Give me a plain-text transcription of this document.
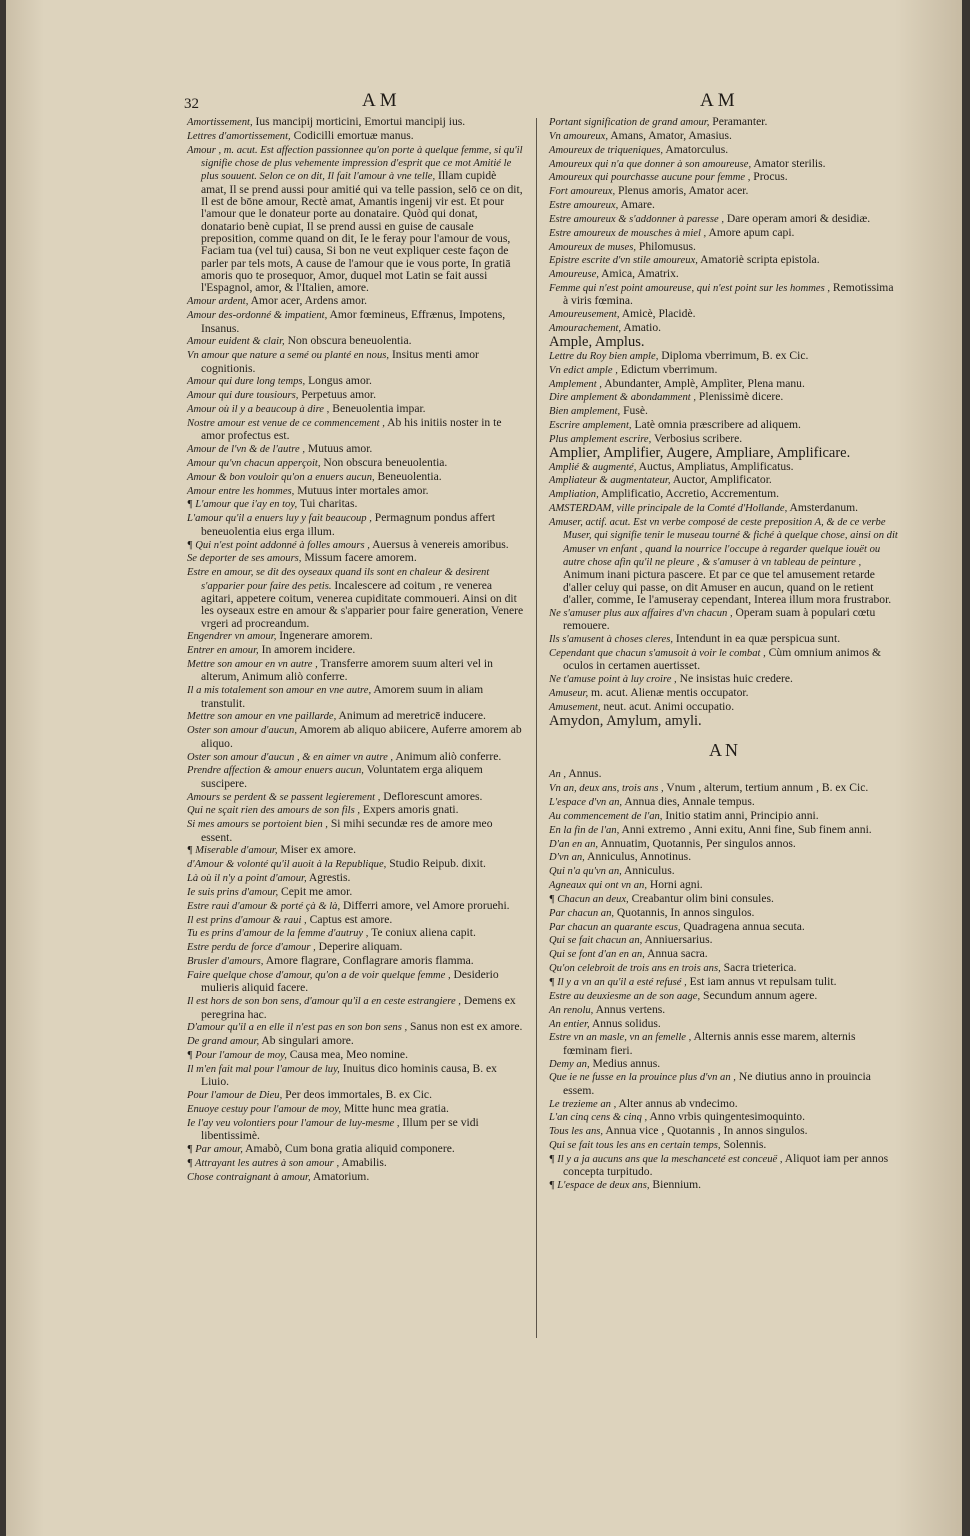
32	AM	AM
Amortissement, Ius mancipij morticini, Emortui mancipij ius.
Lettres d'amortissement, Codicilli emortuæ manus.
Amour , m. acut. Est affection passionnee qu'on porte à quelque femme, si qu'il signifie chose de plus vehemente impression d'esprit que ce mot Amitié le plus souuent. Selon ce on dit, Il fait l'amour à vne telle, Illam cupidè amat, Il se prend aussi pour amitié qui va telle passion, selō ce on dit, Il est de bōne amour, Rectè amat, Amantis ingenij vir est. Et pour l'amour que le donateur porte au donataire. Quòd qui donat, donatario benè cupiat, Il se prend aussi en guise de causale preposition, comme quand on dit, Ie le feray pour l'amour de vous, Faciam tua (vel tui) causa, Si bon ne veut expliquer ceste façon de parler par tels mots, A cause de l'amour que ie vous porte, In gratiā amoris quo te prosequor, Amor, duquel mot Latin se fait aussi l'Espagnol, amor, & l'Italien, amore.
Amour ardent, Amor acer, Ardens amor.
Amour des-ordonné & impatient, Amor fœmineus, Effrænus, Impotens, Insanus.
Amour euident & clair, Non obscura beneuolentia.
Vn amour que nature a semé ou planté en nous, Insitus menti amor cognitionis.
Amour qui dure long temps, Longus amor.
Amour qui dure tousiours, Perpetuus amor.
Amour où il y a beaucoup à dire , Beneuolentia impar.
Nostre amour est venue de ce commencement , Ab his initiis noster in te amor profectus est.
Amour de l'vn & de l'autre , Mutuus amor.
Amour qu'vn chacun apperçoit, Non obscura beneuolentia.
Amour & bon vouloir qu'on a enuers aucun, Beneuolentia.
Amour entre les hommes, Mutuus inter mortales amor.
¶ L'amour que i'ay en toy, Tui charitas.
L'amour qu'il a enuers luy y fait beaucoup , Permagnum pondus affert beneuolentia eius erga illum.
¶ Qui n'est point addonné à folles amours , Auersus à venereis amoribus.
Se deporter de ses amours, Missum facere amorem.
Estre en amour, se dit des oyseaux quand ils sont en chaleur & desirent s'apparier pour faire des petis. Incalescere ad coitum , re venerea agitari, appetere coitum, venerea cupiditate commoueri. Ainsi on dit les oyseaux estre en amour & s'apparier pour faire generation, Venere vrgeri ad procreandum.
Engendrer vn amour, Ingenerare amorem.
Entrer en amour, In amorem incidere.
Mettre son amour en vn autre , Transferre amorem suum alteri vel in alterum, Animum aliò conferre.
Il a mis totalement son amour en vne autre, Amorem suum in aliam transtulit.
Mettre son amour en vne paillarde, Animum ad meretricē inducere.
Oster son amour d'aucun, Amorem ab aliquo abiicere, Auferre amorem ab aliquo.
Oster son amour d'aucun , & en aimer vn autre , Animum aliò conferre.
Prendre affection & amour enuers aucun, Voluntatem erga aliquem suscipere.
Amours se perdent & se passent legierement , Deflorescunt amores.
Qui ne sçait rien des amours de son fils , Expers amoris gnati.
Si mes amours se portoient bien , Si mihi secundæ res de amore meo essent.
¶ Miserable d'amour, Miser ex amore.
d'Amour & volonté qu'il auoit à la Republique, Studio Reipub. dixit.
Là où il n'y a point d'amour, Agrestis.
Ie suis prins d'amour, Cepit me amor.
Estre raui d'amour & porté çà & là, Differri amore, vel Amore proruehi.
Il est prins d'amour & raui , Captus est amore.
Tu es prins d'amour de la femme d'autruy , Te coniux aliena capit.
Estre perdu de force d'amour , Deperire aliquam.
Brusler d'amours, Amore flagrare, Conflagrare amoris flamma.
Faire quelque chose d'amour, qu'on a de voir quelque femme , Desiderio mulieris aliquid facere.
Il est hors de son bon sens, d'amour qu'il a en ceste estrangiere , Demens ex peregrina hac.
D'amour qu'il a en elle il n'est pas en son bon sens , Sanus non est ex amore.
De grand amour, Ab singulari amore.
¶ Pour l'amour de moy, Causa mea, Meo nomine.
Il m'en fait mal pour l'amour de luy, Inuitus dico hominis causa, B. ex Liuio.
Pour l'amour de Dieu, Per deos immortales, B. ex Cic.
Enuoye cestuy pour l'amour de moy, Mitte hunc mea gratia.
Ie l'ay veu volontiers pour l'amour de luy-mesme , Illum per se vidi libentissimè.
¶ Par amour, Amabò, Cum bona gratia aliquid componere.
¶ Attrayant les autres à son amour , Amabilis.
Chose contraignant à amour, Amatorium.
Portant signification de grand amour, Peramanter.
Vn amoureux, Amans, Amator, Amasius.
Amoureux de triqueniques, Amatorculus.
Amoureux qui n'a que donner à son amoureuse, Amator sterilis.
Amoureux qui pourchasse aucune pour femme , Procus.
Fort amoureux, Plenus amoris, Amator acer.
Estre amoureux, Amare.
Estre amoureux & s'addonner à paresse , Dare operam amori & desidiæ.
Estre amoureux de mousches à miel , Amore apum capi.
Amoureux de muses, Philomusus.
Epistre escrite d'vn stile amoureux, Amatoriè scripta epistola.
Amoureuse, Amica, Amatrix.
Femme qui n'est point amoureuse, qui n'est point sur les hommes , Remotissima à viris fœmina.
Amoureusement, Amicè, Placidè.
Amourachement, Amatio.
Ample, Amplus.
Lettre du Roy bien ample, Diploma vberrimum, B. ex Cic.
Vn edict ample , Edictum vberrimum.
Amplement , Abundanter, Amplè, Amplìter, Plena manu.
Dire amplement & abondamment , Plenissimè dicere.
Bien amplement, Fusè.
Escrire amplement, Latè omnia præscribere ad aliquem.
Plus amplement escrire, Verbosius scribere.
Amplier, Amplifier, Augere, Ampliare, Amplificare.
Amplié & augmenté, Auctus, Ampliatus, Amplificatus.
Ampliateur & augmentateur, Auctor, Amplificator.
Ampliation, Amplificatio, Accretio, Accrementum.
AMSTERDAM, ville principale de la Comté d'Hollande, Amsterdanum.
Amuser, actif. acut. Est vn verbe composé de ceste preposition A, & de ce verbe Muser, qui signifie tenir le museau tourné & fiché à quelque chose, ainsi on dit Amuser vn enfant , quand la nourrice l'occupe à regarder quelque iouët ou autre chose afin qu'il ne pleure , & s'amuser à vn tableau de peinture , Animum inani pictura pascere. Et par ce que tel amusement retarde d'aller celuy qui passe, on dit Amuser en aucun, quand on le retient d'aller, comme, Ie l'amuseray cependant, Interea illum mora frustrabor.
Ne s'amuser plus aux affaires d'vn chacun , Operam suam à populari cœtu remouere.
Ils s'amusent à choses cleres, Intendunt in ea quæ perspicua sunt.
Cependant que chacun s'amusoit à voir le combat , Cùm omnium animos & oculos in certamen auertisset.
Ne t'amuse point à luy croire , Ne insistas huic credere.
Amuseur, m. acut. Alienæ mentis occupator.
Amusement, neut. acut. Animi occupatio.
Amydon, Amylum, amyli.
AN
An , Annus.
Vn an, deux ans, trois ans , Vnum , alterum, tertium annum , B. ex Cic.
L'espace d'vn an, Annua dies, Annale tempus.
Au commencement de l'an, Initio statim anni, Principio anni.
En la fin de l'an, Anni extremo , Anni exitu, Anni fine, Sub finem anni.
D'an en an, Annuatim, Quotannis, Per singulos annos.
D'vn an, Anniculus, Annotinus.
Qui n'a qu'vn an, Anniculus.
Agneaux qui ont vn an, Horni agni.
¶ Chacun an deux, Creabantur olim bini consules.
Par chacun an, Quotannis, In annos singulos.
Par chacun an quarante escus, Quadragena annua secuta.
Qui se fait chacun an, Anniuersarius.
Qui se font d'an en an, Annua sacra.
Qu'on celebroit de trois ans en trois ans, Sacra trieterica.
¶ Il y a vn an qu'il a esté refusé , Est iam annus vt repulsam tulit.
Estre au deuxiesme an de son aage, Secundum annum agere.
An renolu, Annus vertens.
An entier, Annus solidus.
Estre vn an masle, vn an femelle , Alternis annis esse marem, alternis fœminam fieri.
Demy an, Medius annus.
Que ie ne fusse en la prouince plus d'vn an , Ne diutius anno in prouincia essem.
Le trezieme an , Alter annus ab vndecimo.
L'an cinq cens & cinq , Anno vrbis quingentesimoquinto.
Tous les ans, Annua vice , Quotannis , In annos singulos.
Qui se fait tous les ans en certain temps, Solennis.
¶ Il y a ja aucuns ans que la meschanceté est conceuë , Aliquot iam per annos concepta turpitudo.
¶ L'espace de deux ans, Biennium.
